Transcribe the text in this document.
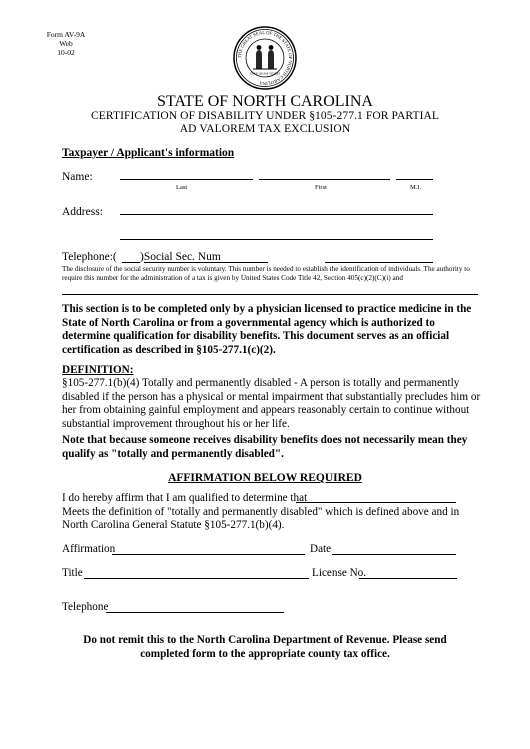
Form AV-9A
Web
10-02	THE GREAT SEAL OF THE STATE OF NORTH CAROLINA
ESSE QUAM VIDERI
STATE OF NORTH CAROLINA
CERTIFICATION OF DISABILITY UNDER §105-277.1 FOR PARTIAL
AD VALOREM TAX EXCLUSION
Taxpayer / Applicant's information
Name:
Last	First	M.I.
Address:
Telephone:( )Social Sec. Num
The disclosure of the social security number is voluntary. This number is needed to establish the identification of individuals. The authority to require this number for the administration of a tax is given by United States Code Title 42, Section 405(c)(2)(C)(i) and
This section is to be completed only by a physician licensed to practice medicine in the State of North Carolina or from a governmental agency which is authorized to determine qualification for disability benefits. This document serves as an official certification as described in §105-277.1(c)(2).
DEFINITION:
§105-277.1(b)(4) Totally and permanently disabled - A person is totally and permanently disabled if the person has a physical or mental impairment that substantially precludes him or her from obtaining gainful employment and appears reasonably certain to continue without substantial improvement throughout his or her life.
Note that because someone receives disability benefits does not necessarily mean they qualify as "totally and permanently disabled".
AFFIRMATION BELOW REQUIRED
I do hereby affirm that I am qualified to determine that
Meets the definition of "totally and permanently disabled" which is defined above and in North Carolina General Statute §105-277.1(b)(4).
Affirmation	Date
Title	License No.
Telephone
Do not remit this to the North Carolina Department of Revenue. Please send completed form to the appropriate county tax office.
